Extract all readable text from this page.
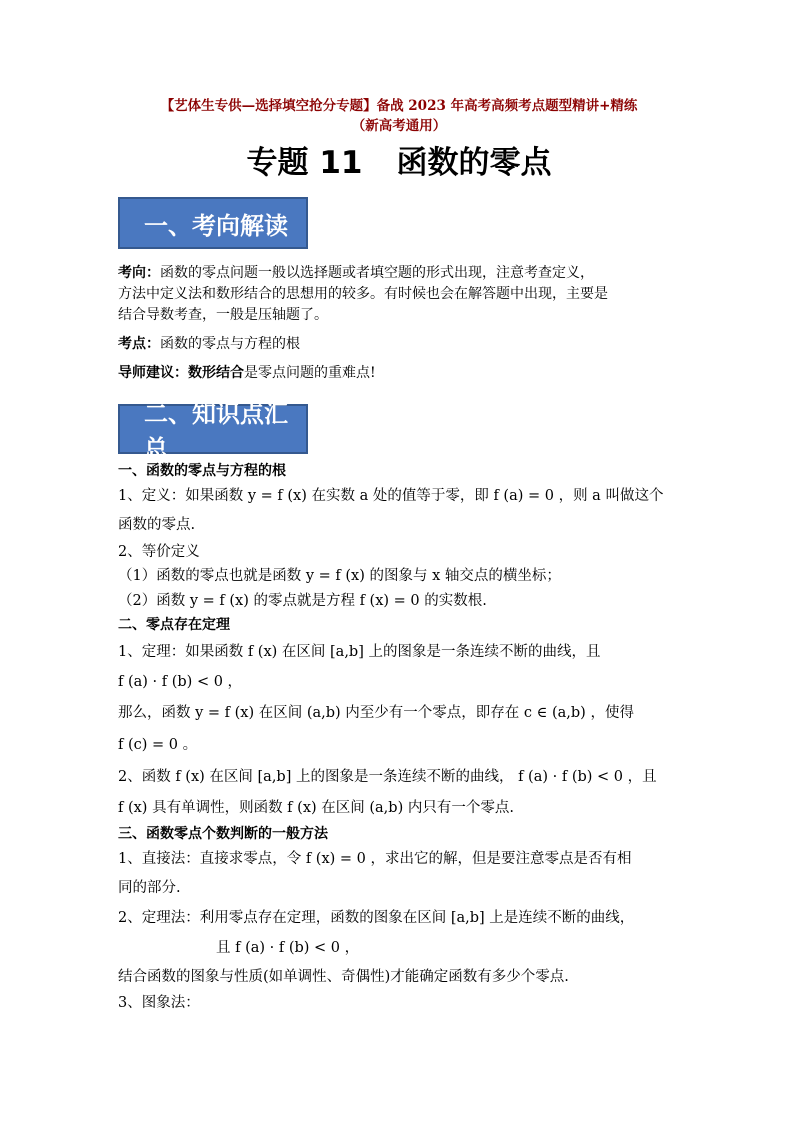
【艺体生专供—选择填空抢分专题】备战 2023 年高考高频考点题型精讲+精练
（新高考通用）
专题 11 函数的零点
一、考向解读
考向：函数的零点问题一般以选择题或者填空题的形式出现，注意考查定义，
方法中定义法和数形结合的思想用的较多。有时候也会在解答题中出现，主要是
结合导数考查，一般是压轴题了。
考点：函数的零点与方程的根
导师建议：数形结合是零点问题的重难点!
二、知识点汇总
一、函数的零点与方程的根
1、定义：如果函数 y = f (x) 在实数 a 处的值等于零，即 f (a) = 0 ，则 a 叫做这个
函数的零点.
2、等价定义
（1）函数的零点也就是函数 y = f (x) 的图象与 x 轴交点的横坐标；
（2）函数 y = f (x) 的零点就是方程 f (x) = 0 的实数根.
二、零点存在定理
1、定理：如果函数 f (x) 在区间 [a,b] 上的图象是一条连续不断的曲线，且
f (a) · f (b) < 0 ，
那么，函数 y = f (x) 在区间 (a,b) 内至少有一个零点，即存在 c ∈ (a,b) ，使得
f (c) = 0 。
2、函数 f (x) 在区间 [a,b] 上的图象是一条连续不断的曲线， f (a) · f (b) < 0 ，且
f (x) 具有单调性，则函数 f (x) 在区间 (a,b) 内只有一个零点.
三、函数零点个数判断的一般方法
1、直接法：直接求零点，令 f (x) = 0 ，求出它的解，但是要注意零点是否有相
同的部分.
2、定理法：利用零点存在定理，函数的图象在区间 [a,b] 上是连续不断的曲线，
且 f (a) · f (b) < 0 ，
结合函数的图象与性质(如单调性、奇偶性)才能确定函数有多少个零点.
3、图象法：
